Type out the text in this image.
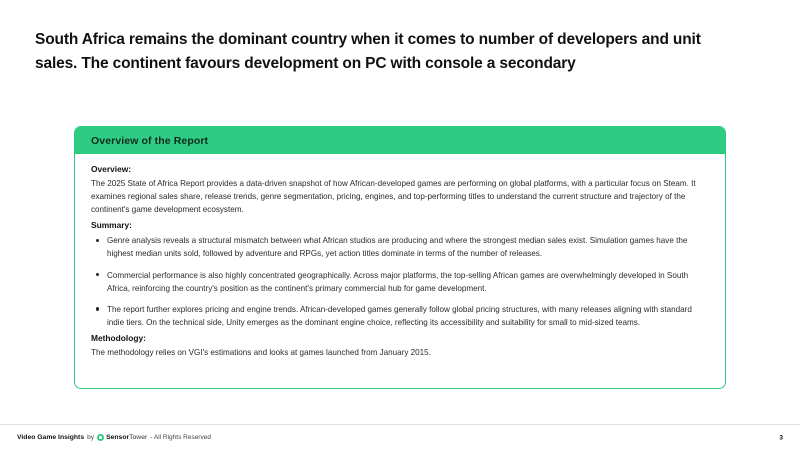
South Africa remains the dominant country when it comes to number of developers and unit sales. The continent favours development on PC with console a secondary
Overview of the Report
Overview:

The 2025 State of Africa Report provides a data-driven snapshot of how African-developed games are performing on global platforms, with a particular focus on Steam. It examines regional sales share, release trends, genre segmentation, pricing, engines, and top-performing titles to understand the current structure and trajectory of the continent's game development ecosystem.

Summary:
Genre analysis reveals a structural mismatch between what African studios are producing and where the strongest median sales exist. Simulation games have the highest median units sold, followed by adventure and RPGs, yet action titles dominate in terms of the number of releases.
Commercial performance is also highly concentrated geographically. Across major platforms, the top-selling African games are overwhelmingly developed in South Africa, reinforcing the country's position as the continent's primary commercial hub for game development.
The report further explores pricing and engine trends. African-developed games generally follow global pricing structures, with many releases aligning with standard indie tiers. On the technical side, Unity emerges as the dominant engine choice, reflecting its accessibility and suitability for small to mid-sized teams.
Methodology:

The methodology relies on VGI's estimations and looks at games launched from January 2015.

Video Game Insights by SensorTower - All Rights Reserved	3
